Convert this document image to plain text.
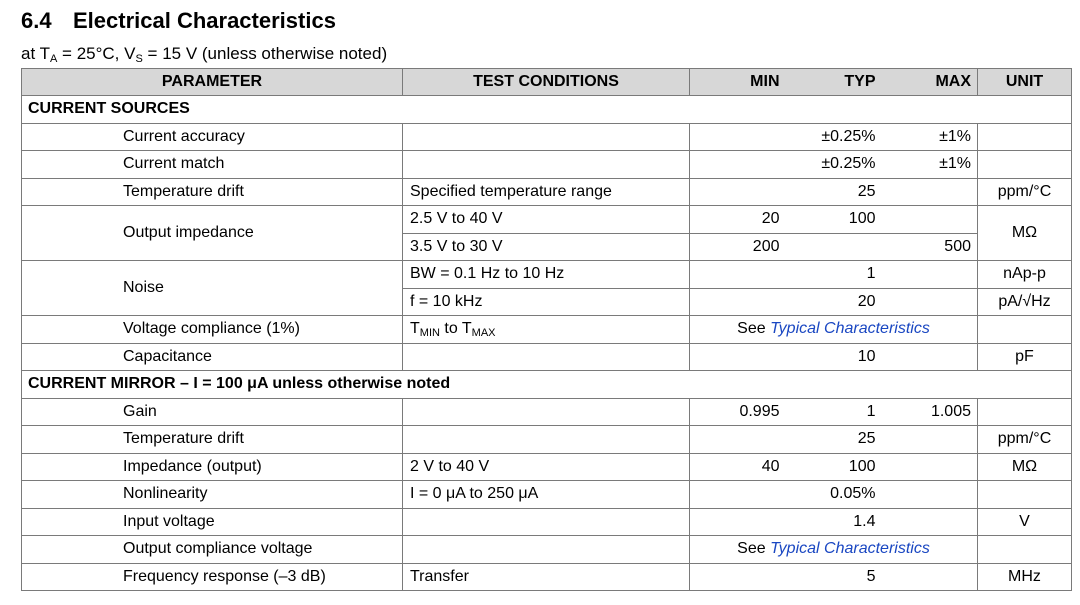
6.4 Electrical Characteristics
at $T_A = 25^\circ C$, $V_S = 15$ V (unless otherwise noted)
PARAMETER	TEST CONDITIONS	MIN	TYP	MAX	UNIT
CURRENT SOURCES					
Current accuracy			±0.25%	±1%	
Current match			±0.25%	±1%	
Temperature drift	Specified temperature range		25		ppm/°C
Output impedance	2.5 V to 40 V	20	100		MΩ
	3.5 V to 30 V	200		500	
Noise	BW = 0.1 Hz to 10 Hz		1		nAp-p
	f = 10 kHz		20		pA/√Hz
Voltage compliance (1%)	$T_{MIN}$ to $T_{MAX}$	See Typical Characteristics			
Capacitance			10		pF
CURRENT MIRROR – I = 100 μA unless otherwise noted					
Gain		0.995	1	1.005	
Temperature drift			25		ppm/°C
Impedance (output)	2 V to 40 V	40	100		MΩ
Nonlinearity	I = 0 μA to 250 μA		0.05%		
Input voltage			1.4		V
Output compliance voltage		See Typical Characteristics			
Frequency response (–3 dB)	Transfer		5		MHz
